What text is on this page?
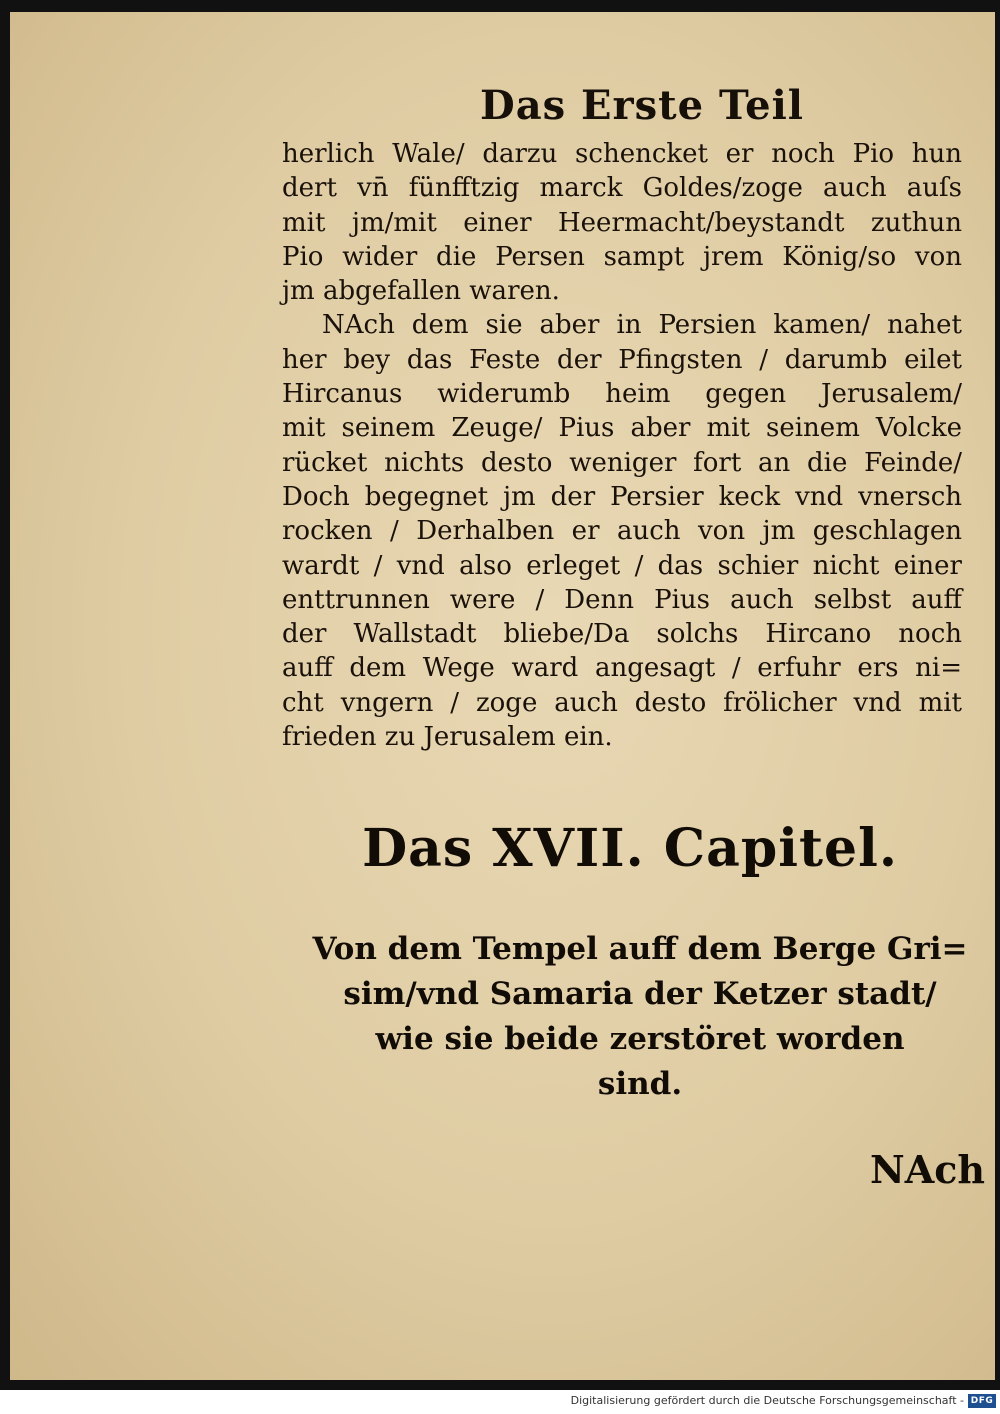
Das Erste Teil
herlich Wale/ darzu schencket er noch Pio hun
dert vn̄ fünfftzig marck Goldes/zoge auch auſs
mit jm/mit einer Heermacht/beystandt zuthun
Pio wider die Persen sampt jrem König/so von
jm abgefallen waren.
NAch dem sie aber in Persien kamen/ nahet
her bey das Feste der Pfingsten / darumb eilet
Hircanus widerumb heim gegen Jerusalem/
mit seinem Zeuge/ Pius aber mit seinem Volcke
rücket nichts desto weniger fort an die Feinde/
Doch begegnet jm der Persier keck vnd vnersch
rocken / Derhalben er auch von jm geschlagen
wardt / vnd also erleget / das schier nicht einer
enttrunnen were / Denn Pius auch selbst auff
der Wallstadt bliebe/Da solchs Hircano noch
auff dem Wege ward angesagt / erfuhr ers ni=
cht vngern / zoge auch desto frölicher vnd mit
frieden zu Jerusalem ein.
Das XVII. Capitel.
Von dem Tempel auff dem Berge Gri=
sim/vnd Samaria der Ketzer stadt/
wie sie beide zerstöret worden
sind.
NAch
Digitalisierung gefördert durch die Deutsche Forschungsgemeinschaft - DFG
